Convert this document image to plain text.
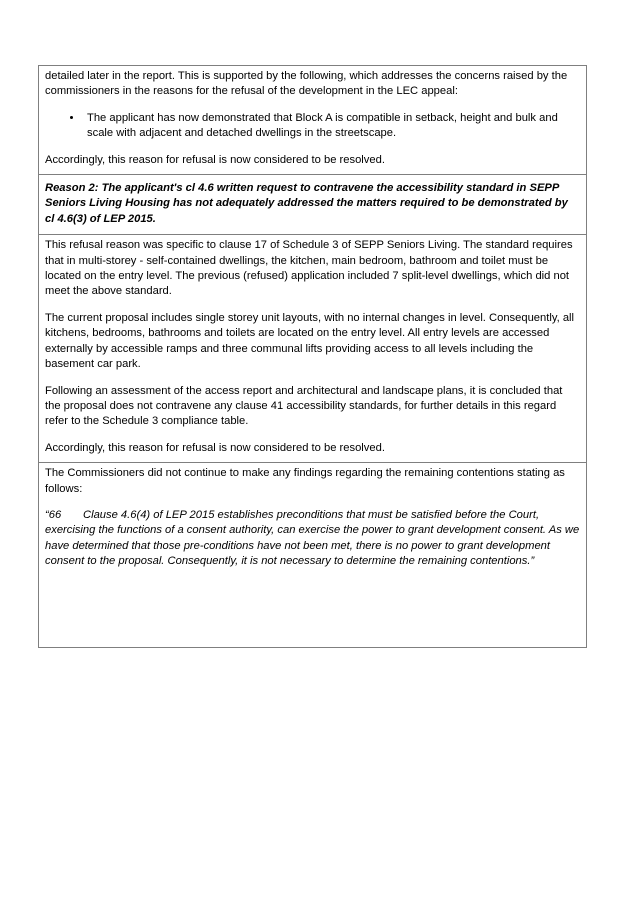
detailed later in the report. This is supported by the following, which addresses the concerns raised by the commissioners in the reasons for the refusal of the development in the LEC appeal:

• The applicant has now demonstrated that Block A is compatible in setback, height and bulk and scale with adjacent and detached dwellings in the streetscape.

Accordingly, this reason for refusal is now considered to be resolved.

Reason 2: The applicant's cl 4.6 written request to contravene the accessibility standard in SEPP Seniors Living Housing has not adequately addressed the matters required to be demonstrated by cl 4.6(3) of LEP 2015.

This refusal reason was specific to clause 17 of Schedule 3 of SEPP Seniors Living. The standard requires that in multi-storey - self-contained dwellings, the kitchen, main bedroom, bathroom and toilet must be located on the entry level. The previous (refused) application included 7 split-level dwellings, which did not meet the above standard.

The current proposal includes single storey unit layouts, with no internal changes in level. Consequently, all kitchens, bedrooms, bathrooms and toilets are located on the entry level. All entry levels are accessed externally by accessible ramps and three communal lifts providing access to all levels including the basement car park.

Following an assessment of the access report and architectural and landscape plans, it is concluded that the proposal does not contravene any clause 41 accessibility standards, for further details in this regard refer to the Schedule 3 compliance table.

Accordingly, this reason for refusal is now considered to be resolved.

The Commissioners did not continue to make any findings regarding the remaining contentions stating as follows:

“66 Clause 4.6(4) of LEP 2015 establishes preconditions that must be satisfied before the Court, exercising the functions of a consent authority, can exercise the power to grant development consent. As we have determined that those pre-conditions have not been met, there is no power to grant development consent to the proposal. Consequently, it is not necessary to determine the remaining contentions.”
